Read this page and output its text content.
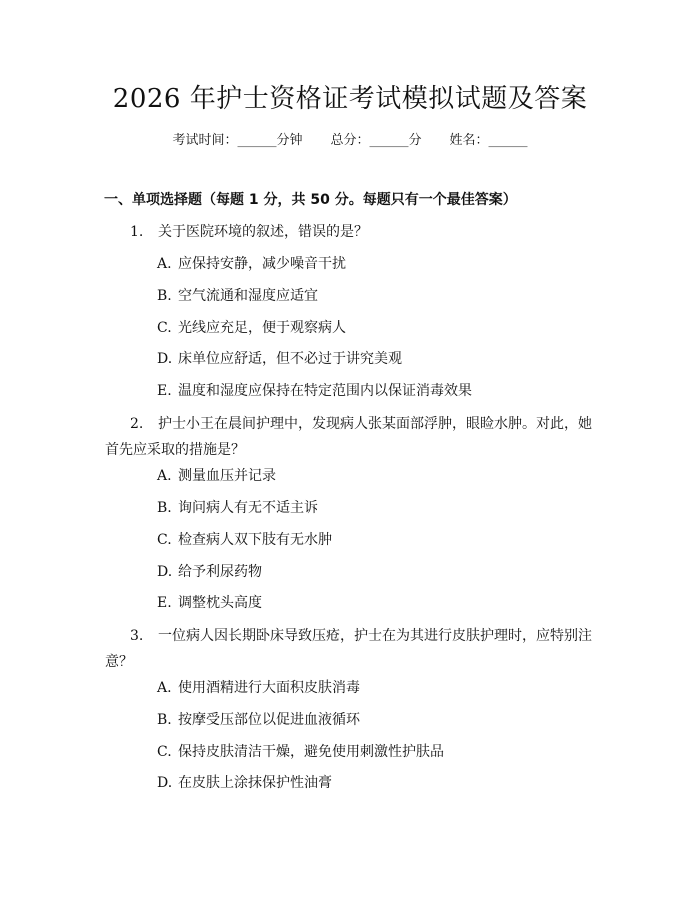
2026 年护士资格证考试模拟试题及答案
考试时间：______分钟 总分：______分 姓名：______
一、单项选择题（每题 1 分，共 50 分。每题只有一个最佳答案）
1. 关于医院环境的叙述，错误的是？
A. 应保持安静，减少噪音干扰
B. 空气流通和湿度应适宜
C. 光线应充足，便于观察病人
D. 床单位应舒适，但不必过于讲究美观
E. 温度和湿度应保持在特定范围内以保证消毒效果
2. 护士小王在晨间护理中，发现病人张某面部浮肿，眼睑水肿。对此，她首先应采取的措施是？
A. 测量血压并记录
B. 询问病人有无不适主诉
C. 检查病人双下肢有无水肿
D. 给予利尿药物
E. 调整枕头高度
3. 一位病人因长期卧床导致压疮，护士在为其进行皮肤护理时，应特别注意？
A. 使用酒精进行大面积皮肤消毒
B. 按摩受压部位以促进血液循环
C. 保持皮肤清洁干燥，避免使用刺激性护肤品
D. 在皮肤上涂抹保护性油膏
